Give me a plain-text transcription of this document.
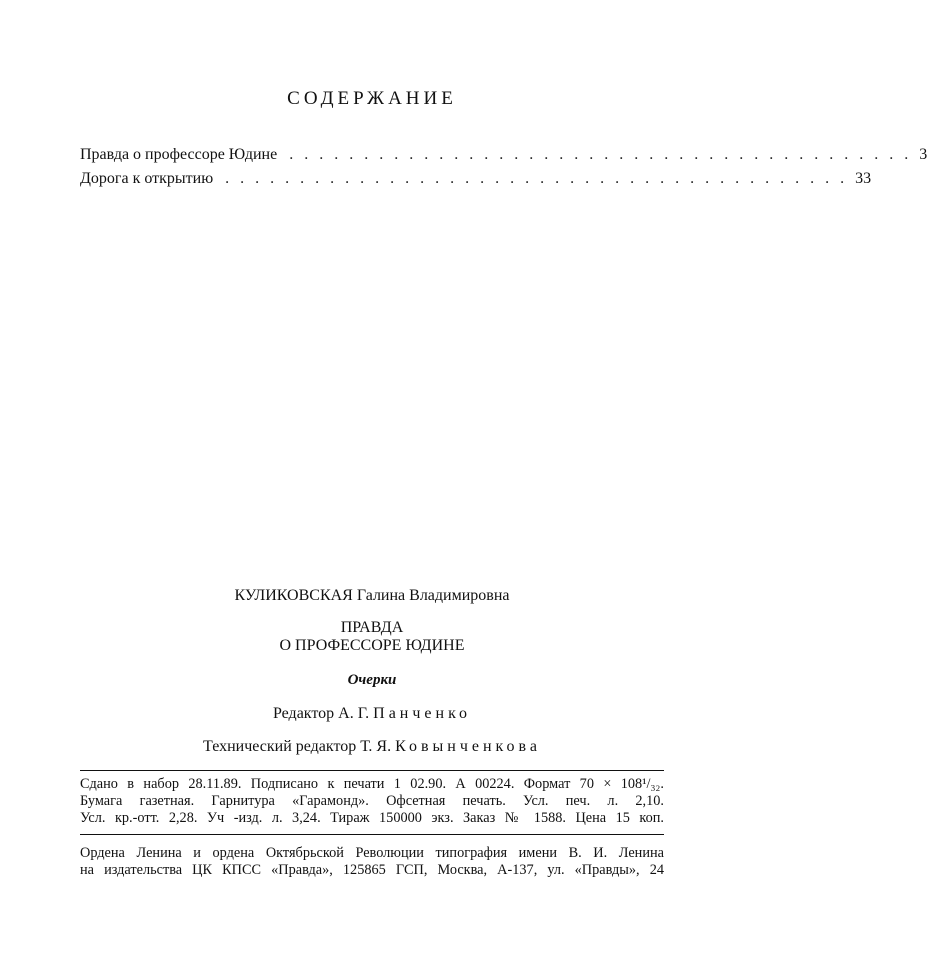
СОДЕРЖАНИЕ
Правда о профессоре Юдине .......................................... 3
Дорога к открытию .......................................... 33
КУЛИКОВСКАЯ Галина Владимировна
ПРАВДА
О ПРОФЕССОРЕ ЮДИНЕ
Очерки
Редактор А. Г. Панченко
Технический редактор Т. Я. Ковынченкова
Сдано в набор 28.11.89. Подписано к печати 1 02.90. А 00224. Формат 70 × 108¹/₃₂.
Бумага газетная. Гарнитура «Гарамонд». Офсетная печать. Усл. печ. л. 2,10.
Усл. кр.-отт. 2,28. Уч -изд. л. 3,24. Тираж 150000 экз. Заказ № 1588. Цена 15 коп.
Ордена Ленина и ордена Октябрьской Революции типография имени В. И. Ленина
на издательства ЦК КПСС «Правда», 125865 ГСП, Москва, А-137, ул. «Правды», 24
